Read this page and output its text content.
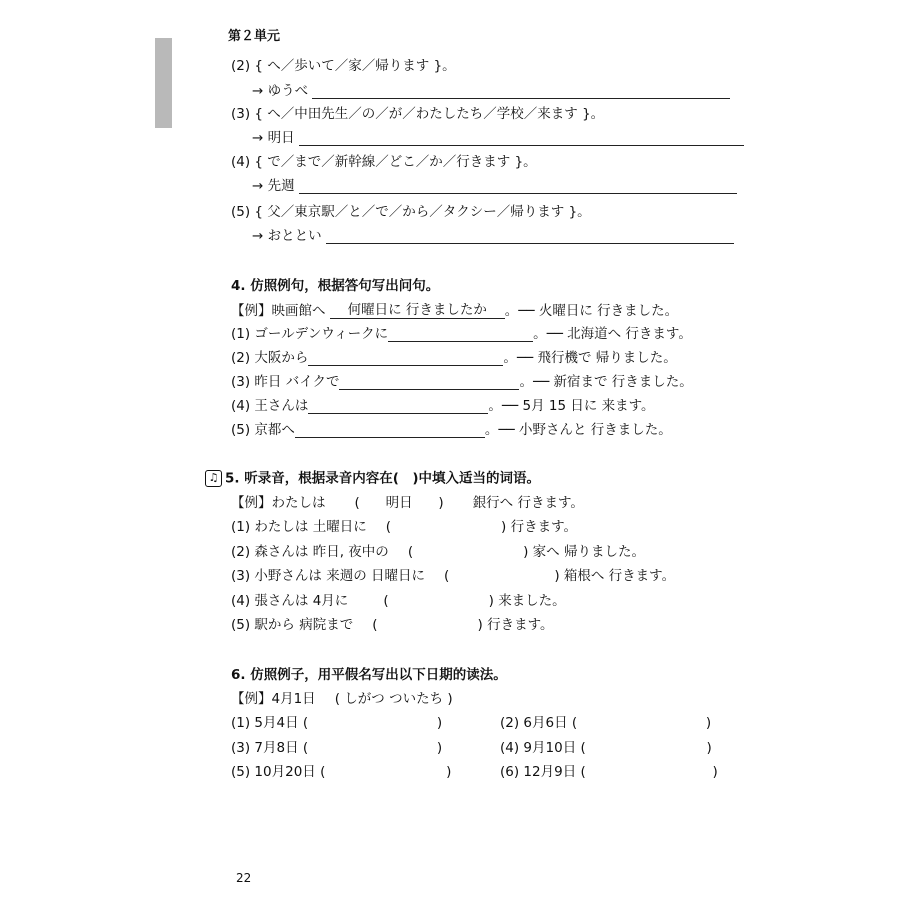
第２単元
(2) { へ／歩いて／家／帰ります }。
→ ゆうべ
(3) { へ／中田先生／の／が／わたしたち／学校／来ます }。
→ 明日
(4) { で／まで／新幹線／どこ／か／行きます }。
→ 先週
(5) { 父／東京駅／と／で／から／タクシー／帰ります }。
→ おととい
4. 仿照例句，根据答句写出问句。
【例】映画館へ 何曜日に 行きましたか 。── 火曜日に 行きました。
(1) ゴールデンウィークに	。── 北海道へ 行きます。
(2) 大阪から	。── 飛行機で 帰りました。
(3) 昨日 バイクで	。── 新宿まで 行きました。
(4) 王さんは	。── 5月 15 日に 来ます。
(5) 京都へ	。── 小野さんと 行きました。
♫ 5. 听录音，根据录音内容在(　)中填入适当的词语。
【例】わたしは ( 明日 ) 銀行へ 行きます。
(1) わたしは 土曜日に (	) 行きます。
(2) 森さんは 昨日, 夜中の (	) 家へ 帰りました。
(3) 小野さんは 来週の 日曜日に (	) 箱根へ 行きます。
(4) 張さんは 4月に	(	) 来ました。
(5) 駅から 病院まで (	) 行きます。
6. 仿照例子，用平假名写出以下日期的读法。
【例】4月1日 ( しがつ ついたち )
(1) 5月4日 (	)	(2) 6月6日 (	)
(3) 7月8日 (	)	(4) 9月10日 (	)
(5) 10月20日 (	)	(6) 12月9日 (	)
22
